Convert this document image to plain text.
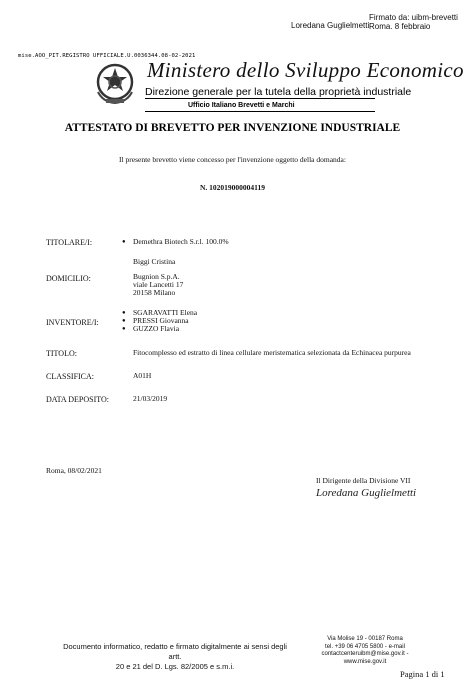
Loredana Guglielmetti
Firmato da: uibm-brevetti
Roma. 8 febbraio
mise.AOO_PIT.REGISTRO UFFICIALE.U.0036344.08-02-2021
Ministero dello Sviluppo Economico
Direzione generale per la tutela della proprietà industriale
Ufficio Italiano Brevetti e Marchi
ATTESTATO DI BREVETTO PER INVENZIONE INDUSTRIALE
Il presente brevetto viene concesso per l'invenzione oggetto della domanda:
N. 102019000004119
TITOLARE/I:	● Demethra Biotech S.r.l. 100.0%
Biggi Cristina
DOMICILIO:	Bugnion S.p.A.
viale Lancetti 17
20158 Milano
INVENTORE/I:
● SGARAVATTI Elena
● PRESSI Giovanna
● GUZZO Flavia
TITOLO:	Fitocomplesso ed estratto di linea cellulare meristematica selezionata da Echinacea purpurea
CLASSIFICA:	A01H
DATA DEPOSITO:	21/03/2019
Roma, 08/02/2021
Il Dirigente della Divisione VII
Loredana Guglielmetti
Documento informatico, redatto e firmato digitalmente ai sensi degli artt.
20 e 21 del D. Lgs. 82/2005 e s.m.i.
Via Molise 19 - 00187 Roma
tel. +39 06 4705 5800 - e-mail
contactcenteruibm@mise.gov.it -
www.mise.gov.it
Pagina 1 di 1
